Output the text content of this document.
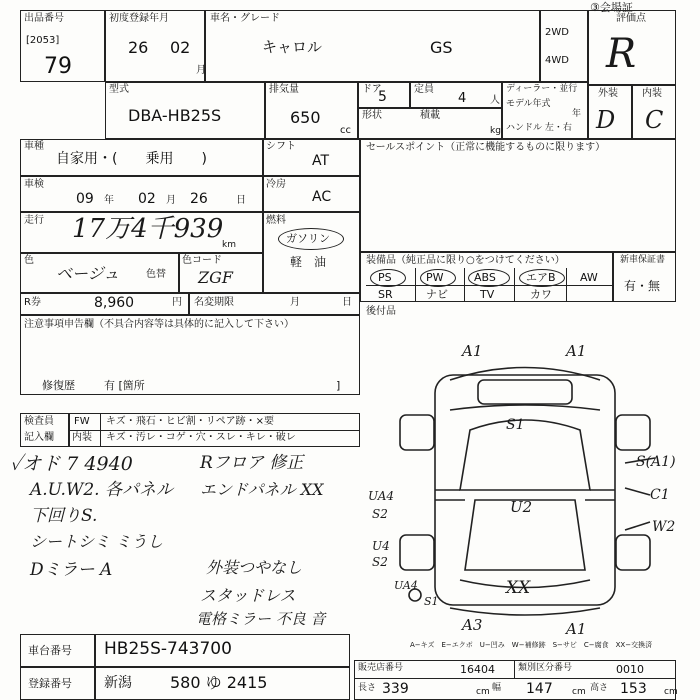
③会場証
出品番号
[2053]
79
初度登録年月
26 02
月
車名・グレード
キャロル	GS
2WD
4WD
評価点
R
型式
DBA-HB25S
排気量
650
cc
ドア
5	定員
4 人
形状	積載
kg
ディーラー・並行
モデル年式
年
ハンドル 左・右
外装 内装
D C
車種
自家用・(　　乗用　　)
シフト
AT
車検
09 年 02 月 26	日
冷房
AC
走行 17万4千939
km
燃料
ガソリン
軽　油
色
ベージュ	色替
色コード
ZGF
R券	8,960	円 名変期限	月	日
注意事項申告欄（不具合内容等は具体的に記入して下さい）
修復歴	有 [箇所	]
セールスポイント（正常に機能するものに限ります）
装備品（純正品に限り○をつけてください）	新車保証書
有・無
PS	PW	ABS	エアB AW
SR	ナビ	TV	カワ
後付品
検査員
記入欄
FW キズ・飛石・ヒビ割・リペア跡・×要
内装 キズ・汚レ・コゲ・穴・スレ・キレ・破レ
✓オド 7 4940
A.U.W2. 各パネル
下回りS.
シートシミ ミうし
Dミラー A
Rフロア 修正
エンドパネル XX
外装つやなし
スタッドレス
電格ミラー 不良 音
A1	A1
S1
S(A1)
C1
U2
W2
UA4
S2
U4
S2
UA4
S1
XX
A3	A1
A−キズ　E−エクボ　U−凹み　W−補修跡　S−サビ　C−腐食　XX−交換済
車台番号 HB25S-743700
登録番号 新潟 580 ゆ 2415
販売店番号	16404	類別区分番号	0010
長さ 339	cm 幅 147 cm 高さ 153 cm
